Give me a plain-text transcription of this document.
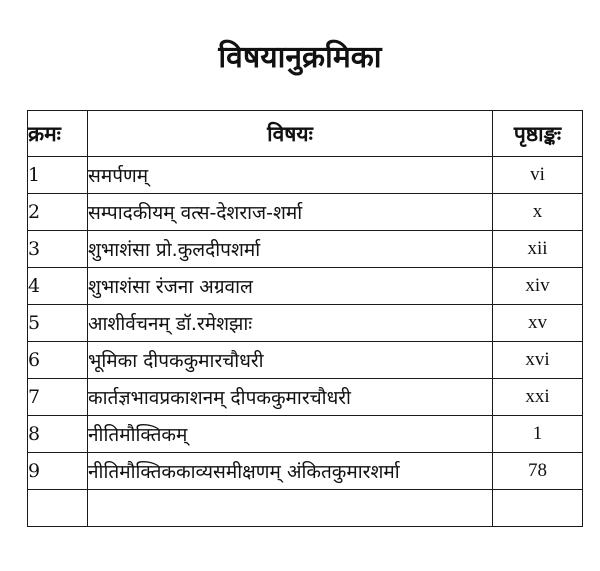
विषयानुक्रमिका
क्रमः	विषयः	पृष्ठाङ्कः
1	समर्पणम्	vi
2	सम्पादकीयम् वत्स-देशराज-शर्मा	x
3	शुभाशंसा प्रो.कुलदीपशर्मा	xii
4	शुभाशंसा रंजना अग्रवाल	xiv
5	आशीर्वचनम् डॉ.रमेशझाः	xv
6	भूमिका दीपककुमारचौधरी	xvi
7	कार्तज्ञभावप्रकाशनम् दीपककुमारचौधरी	xxi
8	नीतिमौक्तिकम्	1
9	नीतिमौक्तिककाव्यसमीक्षणम् अंकितकुमारशर्मा	78
